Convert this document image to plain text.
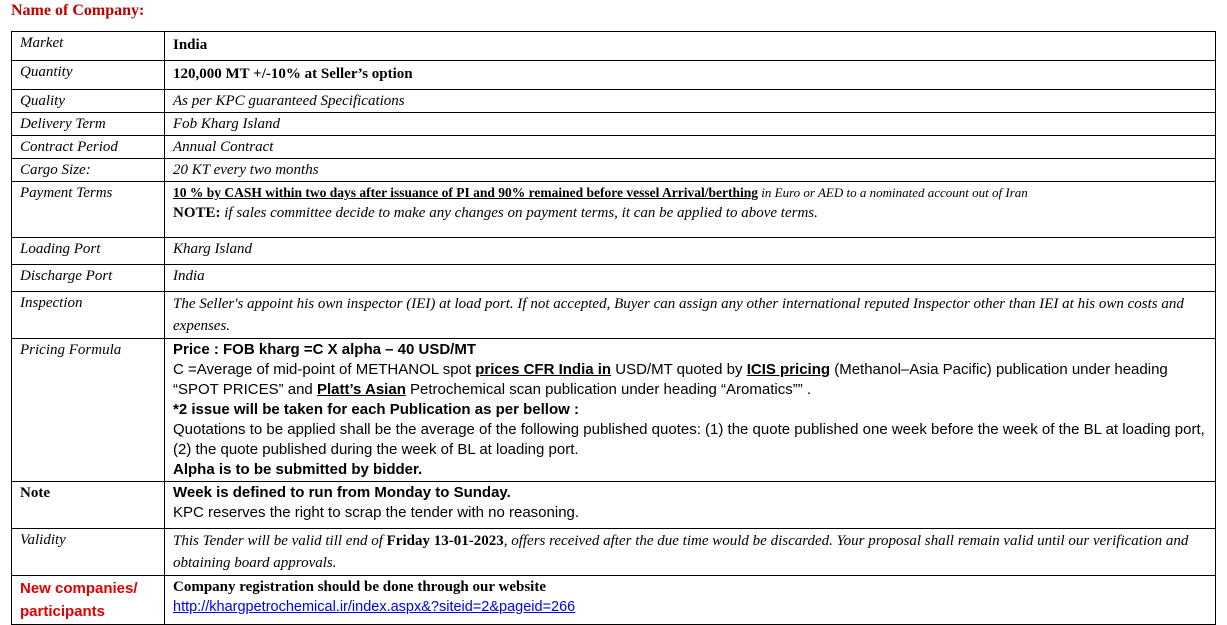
Name of Company:
Market	India
Quantity	120,000 MT +/-10% at Seller’s option
Quality	As per KPC guaranteed Specifications
Delivery Term	Fob Kharg Island
Contract Period	Annual Contract
Cargo Size:	20 KT every two months
Payment Terms	10 % by CASH within two days after issuance of PI and 90% remained before vessel Arrival/berthing in Euro or AED to a nominated account out of Iran
NOTE: if sales committee decide to make any changes on payment terms, it can be applied to above terms.

Loading Port	Kharg Island
Discharge Port	India
Inspection	The Seller's appoint his own inspector (IEI) at load port. If not accepted, Buyer can assign any other international reputed Inspector other than IEI at his own costs and expenses.
Pricing Formula	Price : FOB kharg =C X alpha – 40 USD/MT
C =Average of mid-point of METHANOL spot prices CFR India in USD/MT quoted by ICIS pricing (Methanol–Asia Pacific) publication under heading “SPOT PRICES” and Platt’s Asian Petrochemical scan publication under heading “Aromatics”” .
*2 issue will be taken for each Publication as per bellow :
Quotations to be applied shall be the average of the following published quotes: (1) the quote published one week before the week of the BL at loading port, (2) the quote published during the week of BL at loading port.
Alpha is to be submitted by bidder.

Note	Week is defined to run from Monday to Sunday.
KPC reserves the right to scrap the tender with no reasoning.

Validity	This Tender will be valid till end of Friday 13-01-2023, offers received after the due time would be discarded. Your proposal shall remain valid until our verification and obtaining board approvals.

New companies/
participants	Company registration should be done through our website
http://khargpetrochemical.ir/index.aspx&?siteid=2&pageid=266
